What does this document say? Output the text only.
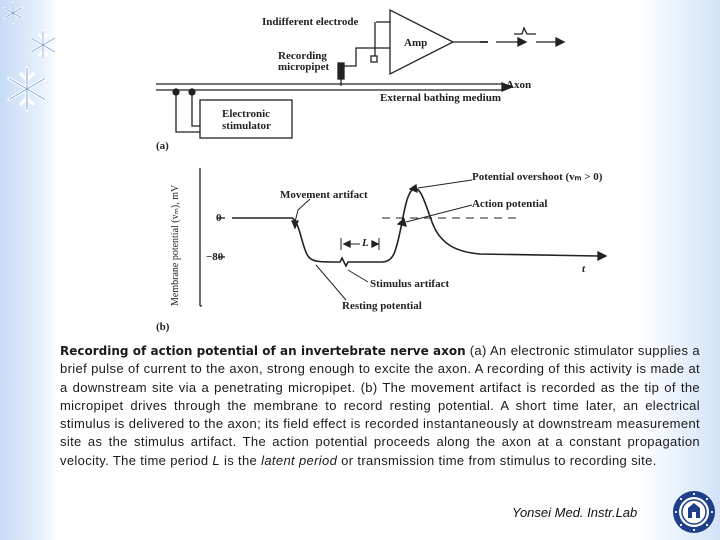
Indifferent electrode
Amp
Recording
micropipet
Axon
External bathing medium
Electronic
stimulator
(a)
Membrane potential (vₘ), mV	0
−80
Movement artifact
Potential overshoot (vₘ > 0)
Action potential
L
Stimulus artifact
Resting potential
t
(b)
Recording of action potential of an invertebrate nerve axon (a) An electronic stimulator supplies a brief pulse of current to the axon, strong enough to excite the axon. A recording of this activity is made at a downstream site via a penetrating micropipet. (b) The movement artifact is recorded as the tip of the micropipet drives through the membrane to record resting potential. A short time later, an electrical stimulus is delivered to the axon; its field effect is recorded instantaneously at downstream measurement site as the stimulus artifact. The action potential proceeds along the axon at a constant propagation velocity. The time period L is the latent period or transmission time from stimulus to recording site.
Yonsei Med. Instr.Lab
